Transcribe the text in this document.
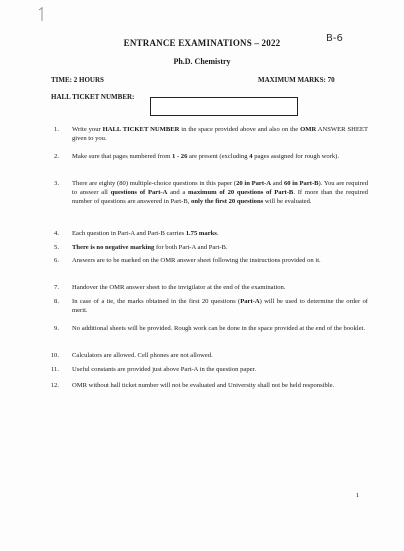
ENTRANCE EXAMINATIONS – 2022	B-6
Ph.D. Chemistry
TIME: 2 HOURS	MAXIMUM MARKS: 70
HALL TICKET NUMBER:
1. Write your HALL TICKET NUMBER in the space provided above and also on the OMR ANSWER SHEET given to you.
2. Make sure that pages numbered from 1 - 26 are present (excluding 4 pages assigned for rough work).
3. There are eighty (80) multiple-choice questions in this paper (20 in Part-A and 60 in Part-B). You are required to answer all questions of Part-A and a maximum of 20 questions of Part-B. If more than the required number of questions are answered in Part-B, only the first 20 questions will be evaluated.
4. Each question in Part-A and Part-B carries 1.75 marks.
5. There is no negative marking for both Part-A and Part-B.
6. Answers are to be marked on the OMR answer sheet following the instructions provided on it.
7. Handover the OMR answer sheet to the invigilator at the end of the examination.
8. In case of a tie, the marks obtained in the first 20 questions (Part-A) will be used to determine the order of merit.
9. No additional sheets will be provided. Rough work can be done in the space provided at the end of the booklet.
10. Calculators are allowed. Cell phones are not allowed.
11. Useful constants are provided just above Part-A in the question paper.
12. OMR without hall ticket number will not be evaluated and University shall not be held responsible.
1
